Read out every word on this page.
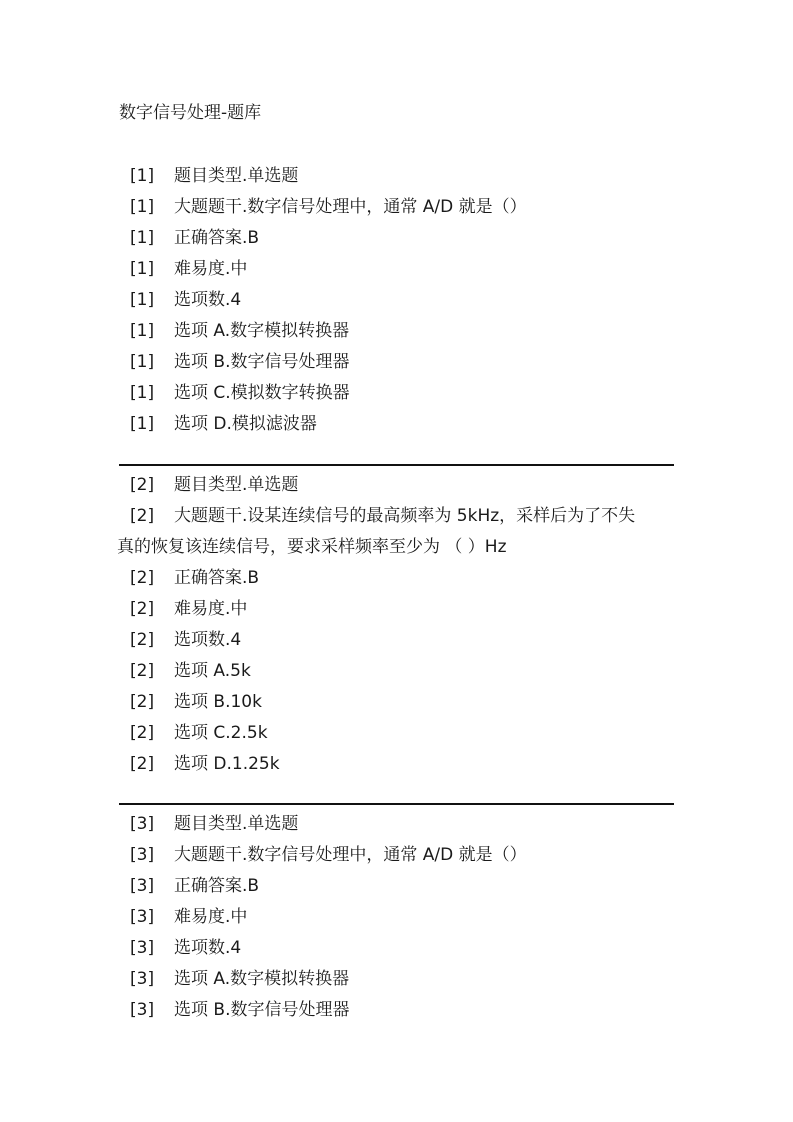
数字信号处理-题库
[1] 题目类型.单选题
[1] 大题题干.数字信号处理中，通常 A/D 就是（）
[1] 正确答案.B
[1] 难易度.中
[1] 选项数.4
[1] 选项 A.数字模拟转换器
[1] 选项 B.数字信号处理器
[1] 选项 C.模拟数字转换器
[1] 选项 D.模拟滤波器
[2] 题目类型.单选题
[2] 大题题干.设某连续信号的最高频率为 5kHz，采样后为了不失
真的恢复该连续信号，要求采样频率至少为 （ ）Hz
[2] 正确答案.B
[2] 难易度.中
[2] 选项数.4
[2] 选项 A.5k
[2] 选项 B.10k
[2] 选项 C.2.5k
[2] 选项 D.1.25k
[3] 题目类型.单选题
[3] 大题题干.数字信号处理中，通常 A/D 就是（）
[3] 正确答案.B
[3] 难易度.中
[3] 选项数.4
[3] 选项 A.数字模拟转换器
[3] 选项 B.数字信号处理器
